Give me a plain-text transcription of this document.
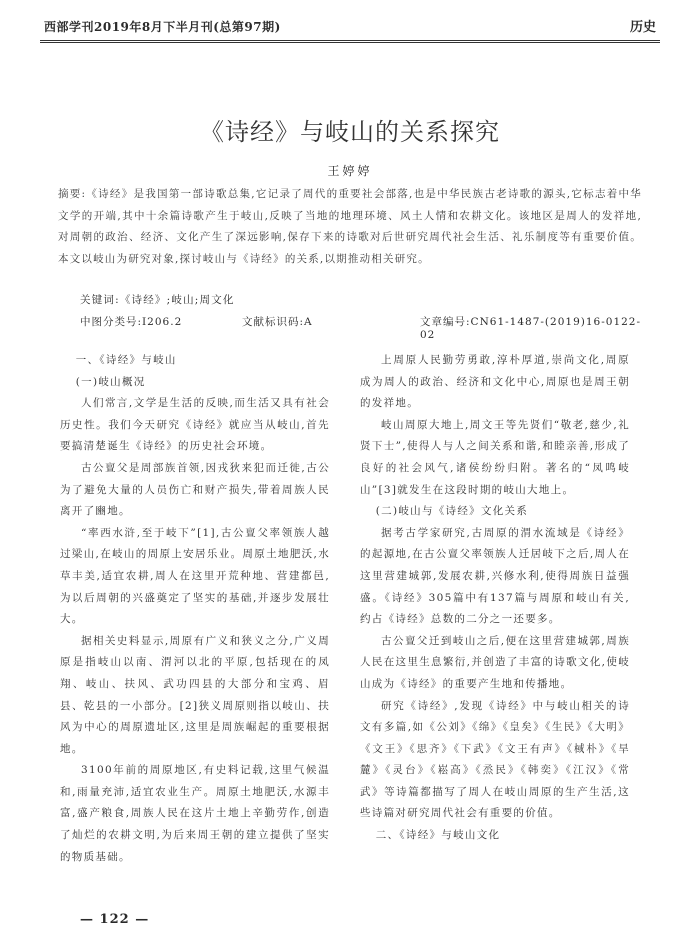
西部学刊2019年8月下半月刊(总第97期)	历史
《诗经》与岐山的关系探究
王婷婷
摘要:《诗经》是我国第一部诗歌总集,它记录了周代的重要社会部落,也是中华民族古老诗歌的源头,它标志着中华文学的开端,其中十余篇诗歌产生于岐山,反映了当地的地理环境、风土人情和农耕文化。该地区是周人的发祥地,对周朝的政治、经济、文化产生了深远影响,保存下来的诗歌对后世研究周代社会生活、礼乐制度等有重要价值。本文以岐山为研究对象,探讨岐山与《诗经》的关系,以期推动相关研究。
关键词:《诗经》;岐山;周文化
中图分类号:I206.2	文献标识码:A	文章编号:CN61-1487-(2019)16-0122-02

一、《诗经》与岐山

(一)岐山概况

人们常言,文学是生活的反映,而生活又具有社会历史性。我们今天研究《诗经》就应当从岐山,首先要搞清楚诞生《诗经》的历史社会环境。

古公亶父是周部族首领,因戎狄来犯而迁徙,古公为了避免大量的人员伤亡和财产损失,带着周族人民离开了豳地。

“率西水浒,至于岐下”[1],古公亶父率领族人越过梁山,在岐山的周原上安居乐业。周原土地肥沃,水草丰美,适宜农耕,周人在这里开荒种地、营建都邑,为以后周朝的兴盛奠定了坚实的基础,并逐步发展壮大。

据相关史料显示,周原有广义和狭义之分,广义周原是指岐山以南、渭河以北的平原,包括现在的凤翔、岐山、扶风、武功四县的大部分和宝鸡、眉县、乾县的一小部分。[2]狭义周原则指以岐山、扶风为中心的周原遗址区,这里是周族崛起的重要根据地。

3100年前的周原地区,有史料记载,这里气候温和,雨量充沛,适宜农业生产。周原土地肥沃,水源丰富,盛产粮食,周族人民在这片土地上辛勤劳作,创造了灿烂的农耕文明,为后来周王朝的建立提供了坚实的物质基础。

上周原人民勤劳勇敢,淳朴厚道,崇尚文化,周原成为周人的政治、经济和文化中心,周原也是周王朝的发祥地。

岐山周原大地上,周文王等先贤们“敬老,慈少,礼贤下士”,使得人与人之间关系和谐,和睦亲善,形成了良好的社会风气,诸侯纷纷归附。著名的“凤鸣岐山”[3]就发生在这段时期的岐山大地上。

(二)岐山与《诗经》文化关系

据考古学家研究,古周原的渭水流域是《诗经》的起源地,在古公亶父率领族人迁居岐下之后,周人在这里营建城郭,发展农耕,兴修水利,使得周族日益强盛。《诗经》305篇中有137篇与周原和岐山有关,约占《诗经》总数的二分之一还要多。

古公亶父迁到岐山之后,便在这里营建城郭,周族人民在这里生息繁衍,并创造了丰富的诗歌文化,使岐山成为《诗经》的重要产生地和传播地。

研究《诗经》,发现《诗经》中与岐山相关的诗文有多篇,如《公刘》《绵》《皇矣》《生民》《大明》《文王》《思齐》《下武》《文王有声》《棫朴》《旱麓》《灵台》《崧高》《烝民》《韩奕》《江汉》《常武》等诗篇都描写了周人在岐山周原的生产生活,这些诗篇对研究周代社会有重要的价值。

二、《诗经》与岐山文化

— 122 —
